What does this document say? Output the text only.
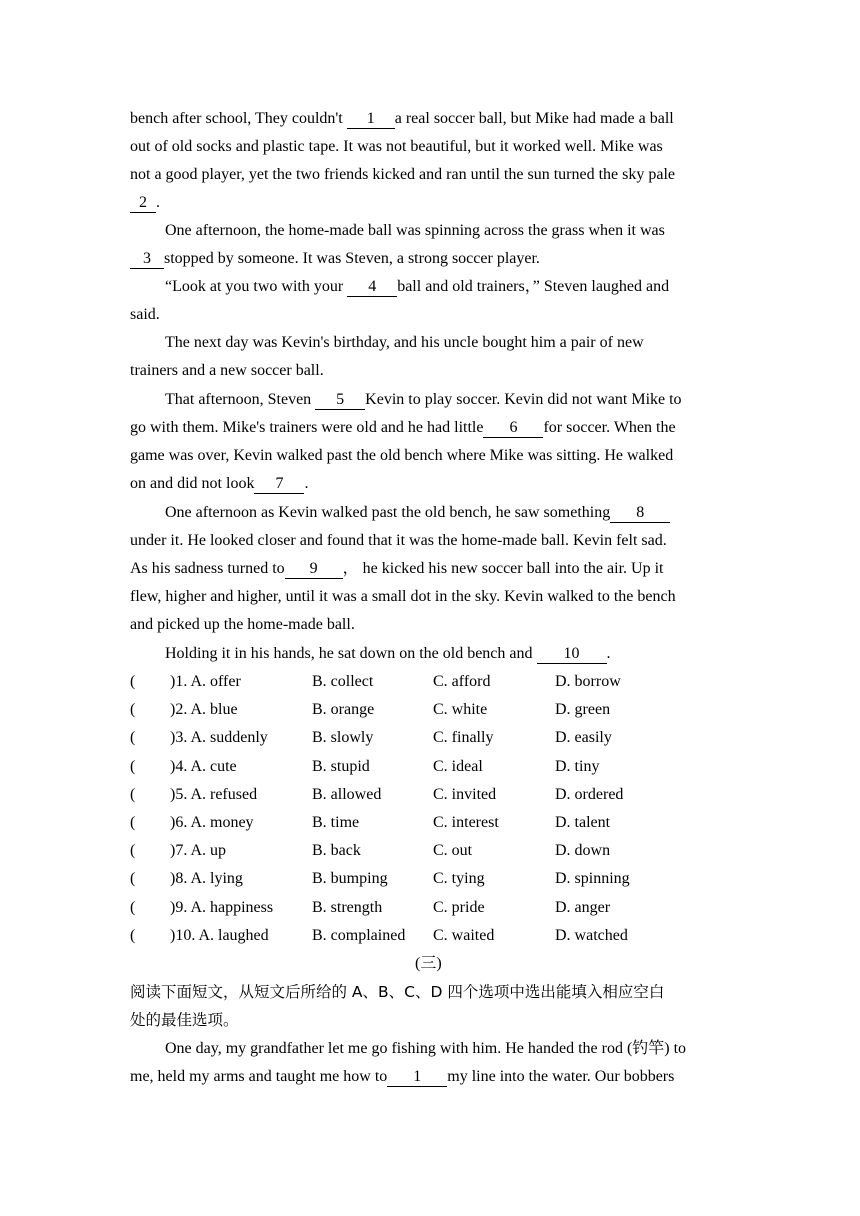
bench after school, They couldn't 1 a real soccer ball, but Mike had made a ball
out of old socks and plastic tape. It was not beautiful, but it worked well. Mike was
not a good player, yet the two friends kicked and ran until the sun turned the sky pale
2 .
One afternoon, the home-made ball was spinning across the grass when it was
3 stopped by someone. It was Steven, a strong soccer player.
“Look at you two with your 4 ball and old trainers，” Steven laughed and
said.
The next day was Kevin's birthday, and his uncle bought him a pair of new
trainers and a new soccer ball.
That afternoon, Steven 5 Kevin to play soccer. Kevin did not want Mike to
go with them. Mike's trainers were old and he had little 6 for soccer. When the
game was over, Kevin walked past the old bench where Mike was sitting. He walked
on and did not look 7 .
One afternoon as Kevin walked past the old bench, he saw something 8
under it. He looked closer and found that it was the home-made ball. Kevin felt sad.
As his sadness turned to 9 ， he kicked his new soccer ball into the air. Up it
flew, higher and higher, until it was a small dot in the sky. Kevin walked to the bench
and picked up the home-made ball.
Holding it in his hands, he sat down on the old bench and 10 .
( )1. A. offer	B. collect	C. afford	D. borrow
( )2. A. blue	B. orange	C. white	D. green
( )3. A. suddenly	B. slowly	C. finally	D. easily
( )4. A. cute	B. stupid	C. ideal	D. tiny
( )5. A. refused	B. allowed	C. invited	D. ordered
( )6. A. money	B. time	C. interest	D. talent
( )7. A. up	B. back	C. out	D. down
( )8. A. lying	B. bumping	C. tying	D. spinning
( )9. A. happiness B. strength	C. pride	D. anger
( )10. A. laughed	B. complained C. waited	D. watched
(三)
阅读下面短文，从短文后所给的 A、B、C、D 四个选项中选出能填入相应空白
处的最佳选项。
One day, my grandfather let me go fishing with him. He handed the rod (钓竿) to
me, held my arms and taught me how to 1 my line into the water. Our bobbers
